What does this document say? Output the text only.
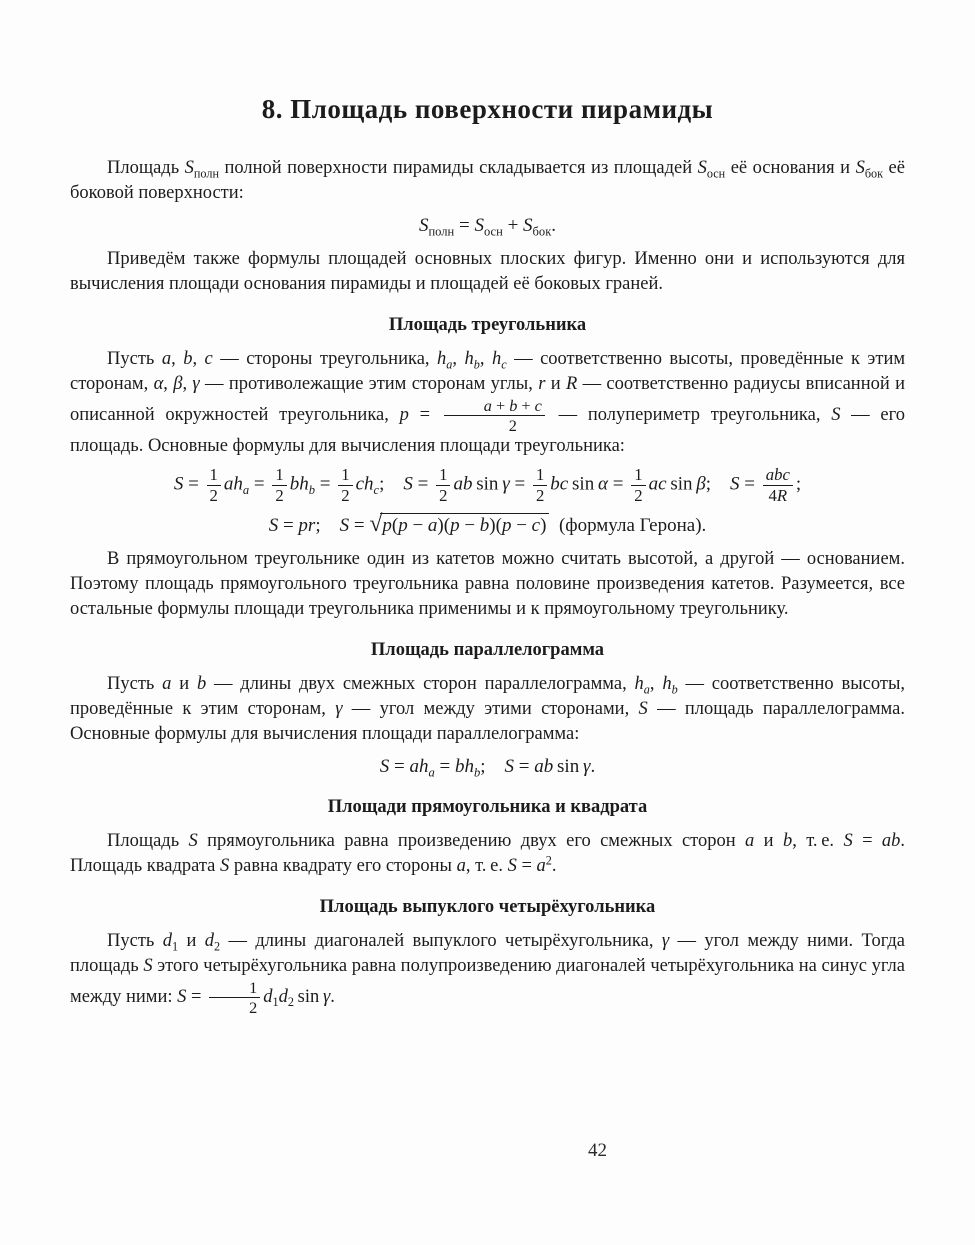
8. Площадь поверхности пирамиды

Площадь $S_{полн}$ полной поверхности пирамиды складывается из площадей $S_{осн}$ её основания и $S_{бок}$ её боковой поверхности:

$S_{полн} = S_{осн} + S_{бок}$.

Приведём также формулы площадей основных плоских фигур. Именно они и используются для вычисления площади основания пирамиды и площадей её боковых граней.

Площадь треугольника

Пусть a, b, c — стороны треугольника, $h_a$, $h_b$, $h_c$ — соответственно высоты, проведённые к этим сторонам, α, β, γ — противолежащие этим сторонам углы, r и R — соответственно радиусы вписанной и описанной окружностей треугольника, $p = \frac{a + b + c}{2}$ — полупериметр треугольника, S — его площадь. Основные формулы для вычисления площади треугольника:

$S = \frac{1}{2} ah_a = \frac{1}{2} bh_b = \frac{1}{2} ch_c$; $S = \frac{1}{2}$ ab $\sin \gamma = \frac{1}{2}$ bc $\sin \alpha = \frac{1}{2}$ ac sin β; S = abc
4R
;
S = pr; S = √p(p − a)(p − b)(p − c) (формула Герона).

В прямоугольном треугольнике один из катетов можно считать высотой, а другой — основанием. Поэтому площадь прямоугольного треугольника равна половине произведения катетов. Разумеется, все остальные формулы площади треугольника применимы и к прямоугольному треугольнику.

Площадь параллелограмма

Пусть a и b — длины двух смежных сторон параллелограмма, $h_a$, $h_b$ — соответственно высоты, проведённые к этим сторонам, γ — угол между этими сторонами, S — площадь параллелограмма. Основные формулы для вычисления площади параллелограмма:

$S = ah_a = bh_b$; S = ab sin γ.
Площади прямоугольника и квадрата

Площадь S прямоугольника равна произведению двух его смежных сторон a и b, т. е. S = ab. Площадь квадрата S равна квадрату его стороны a, т. е. $S = a^2$.

Площадь выпуклого четырёхугольника

Пусть $d_1$ и $d_2$ — длины диагоналей выпуклого четырёхугольника, γ — угол между ними. Тогда площадь S этого четырёхугольника равна полупроизведению диагоналей четырёхугольника на синус угла между ними: $S = \frac{1}{2} d_1d_2$ sin γ.

42
